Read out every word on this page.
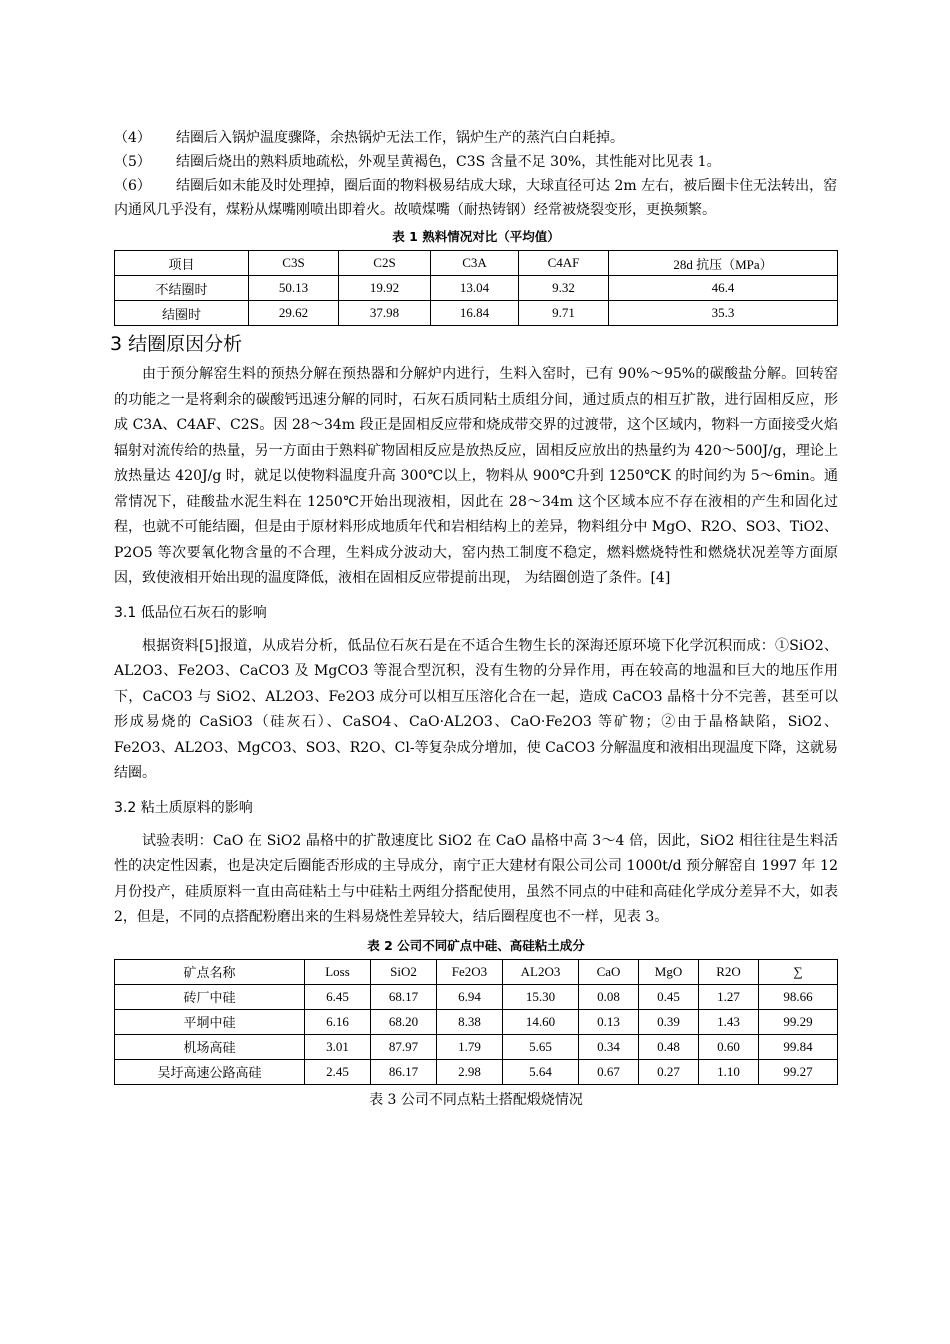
（4） 结圈后入锅炉温度骤降，余热锅炉无法工作，锅炉生产的蒸汽白白耗掉。

（5） 结圈后烧出的熟料质地疏松，外观呈黄褐色，C3S 含量不足 30%，其性能对比见表 1。

（6） 结圈后如未能及时处理掉，圈后面的物料极易结成大球，大球直径可达 2m 左右，被后圈卡住无法转出，窑内通风几乎没有，煤粉从煤嘴刚喷出即着火。故喷煤嘴（耐热铸钢）经常被烧裂变形，更换频繁。

表 1 熟料情况对比（平均值）
项目	C3S	C2S	C3A	C4AF	28d 抗压（MPa）
不结圈时	50.13	19.92	13.04	9.32	46.4
结圈时	29.62	37.98	16.84	9.71	35.3
3 结圈原因分析

由于预分解窑生料的预热分解在预热器和分解炉内进行，生料入窑时，已有 90%～95%的碳酸盐分解。回转窑的功能之一是将剩余的碳酸钙迅速分解的同时，石灰石质同粘土质组分间，通过质点的相互扩散，进行固相反应，形成 C3A、C4AF、C2S。因 28～34m 段正是固相反应带和烧成带交界的过渡带，这个区域内，物料一方面接受火焰辐射对流传给的热量，另一方面由于熟料矿物固相反应是放热反应，固相反应放出的热量约为 420～500J/g，理论上放热量达 420J/g 时，就足以使物料温度升高 300℃以上，物料从 900℃升到 1250℃K 的时间约为 5～6min。通常情况下，硅酸盐水泥生料在 1250℃开始出现液相，因此在 28～34m 这个区域本应不存在液相的产生和固化过程，也就不可能结圈，但是由于原材料形成地质年代和岩相结构上的差异，物料组分中 MgO、R2O、SO3、TiO2、P2O5 等次要氧化物含量的不合理，生料成分波动大，窑内热工制度不稳定，燃料燃烧特性和燃烧状况差等方面原因，致使液相开始出现的温度降低，液相在固相反应带提前出现， 为结圈创造了条件。[4]

3.1 低品位石灰石的影响

根据资料[5]报道，从成岩分析，低品位石灰石是在不适合生物生长的深海还原环境下化学沉积而成：①SiO2、AL2O3、Fe2O3、CaCO3 及 MgCO3 等混合型沉积，没有生物的分异作用，再在较高的地温和巨大的地压作用下，CaCO3 与 SiO2、AL2O3、Fe2O3 成分可以相互压溶化合在一起，造成 CaCO3 晶格十分不完善，甚至可以形成易烧的 CaSiO3（硅灰石）、CaSO4、CaO·AL2O3、CaO·Fe2O3 等矿物；②由于晶格缺陷，SiO2、Fe2O3、AL2O3、MgCO3、SO3、R2O、Cl-等复杂成分增加，使 CaCO3 分解温度和液相出现温度下降，这就易结圈。

3.2 粘土质原料的影响

试验表明：CaO 在 SiO2 晶格中的扩散速度比 SiO2 在 CaO 晶格中高 3～4 倍，因此，SiO2 相往往是生料活性的决定性因素，也是决定后圈能否形成的主导成分，南宁正大建材有限公司公司 1000t/d 预分解窑自 1997 年 12 月份投产，硅质原料一直由高硅粘土与中硅粘土两组分搭配使用，虽然不同点的中硅和高硅化学成分差异不大，如表 2，但是，不同的点搭配粉磨出来的生料易烧性差异较大，结后圈程度也不一样，见表 3。

表 2 公司不同矿点中硅、高硅粘土成分
矿点名称	Loss	SiO2	Fe2O3	AL2O3	CaO	MgO	R2O	∑
砖厂中硅	6.45	68.17	6.94	15.30	0.08	0.45	1.27	98.66
平垌中硅	6.16	68.20	8.38	14.60	0.13	0.39	1.43	99.29
机场高硅	3.01	87.97	1.79	5.65	0.34	0.48	0.60	99.84
吴圩高速公路高硅	2.45	86.17	2.98	5.64	0.67	0.27	1.10	99.27
表 3 公司不同点粘土搭配煅烧情况
